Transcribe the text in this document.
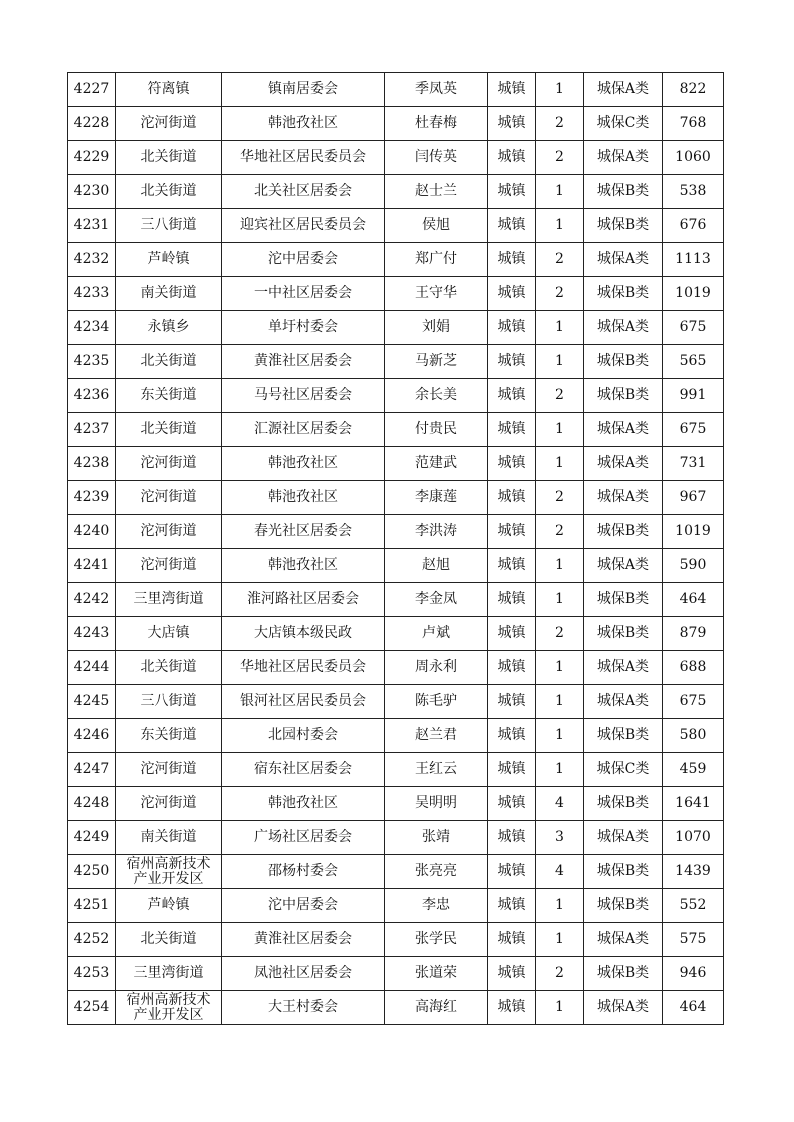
4227	符离镇	镇南居委会	季凤英	城镇	1	城保A类	822
4228	沱河街道	韩池孜社区	杜春梅	城镇	2	城保C类	768
4229	北关街道	华地社区居民委员会	闫传英	城镇	2	城保A类	1060
4230	北关街道	北关社区居委会	赵士兰	城镇	1	城保B类	538
4231	三八街道	迎宾社区居民委员会	侯旭	城镇	1	城保B类	676
4232	芦岭镇	沱中居委会	郑广付	城镇	2	城保A类	1113
4233	南关街道	一中社区居委会	王守华	城镇	2	城保B类	1019
4234	永镇乡	单圩村委会	刘娟	城镇	1	城保A类	675
4235	北关街道	黄淮社区居委会	马新芝	城镇	1	城保B类	565
4236	东关街道	马号社区居委会	余长美	城镇	2	城保B类	991
4237	北关街道	汇源社区居委会	付贵民	城镇	1	城保A类	675
4238	沱河街道	韩池孜社区	范建武	城镇	1	城保A类	731
4239	沱河街道	韩池孜社区	李康莲	城镇	2	城保A类	967
4240	沱河街道	春光社区居委会	李洪涛	城镇	2	城保B类	1019
4241	沱河街道	韩池孜社区	赵旭	城镇	1	城保A类	590
4242	三里湾街道	淮河路社区居委会	李金凤	城镇	1	城保B类	464
4243	大店镇	大店镇本级民政	卢斌	城镇	2	城保B类	879
4244	北关街道	华地社区居民委员会	周永利	城镇	1	城保A类	688
4245	三八街道	银河社区居民委员会	陈毛驴	城镇	1	城保A类	675
4246	东关街道	北园村委会	赵兰君	城镇	1	城保B类	580
4247	沱河街道	宿东社区居委会	王红云	城镇	1	城保C类	459
4248	沱河街道	韩池孜社区	吴明明	城镇	4	城保B类	1641
4249	南关街道	广场社区居委会	张靖	城镇	3	城保A类	1070
4250	宿州高新技术
产业开发区	邵杨村委会	张亮亮	城镇	4	城保B类	1439
4251	芦岭镇	沱中居委会	李忠	城镇	1	城保B类	552
4252	北关街道	黄淮社区居委会	张学民	城镇	1	城保A类	575
4253	三里湾街道	凤池社区居委会	张道荣	城镇	2	城保B类	946
4254	宿州高新技术
产业开发区	大王村委会	高海红	城镇	1	城保A类	464
